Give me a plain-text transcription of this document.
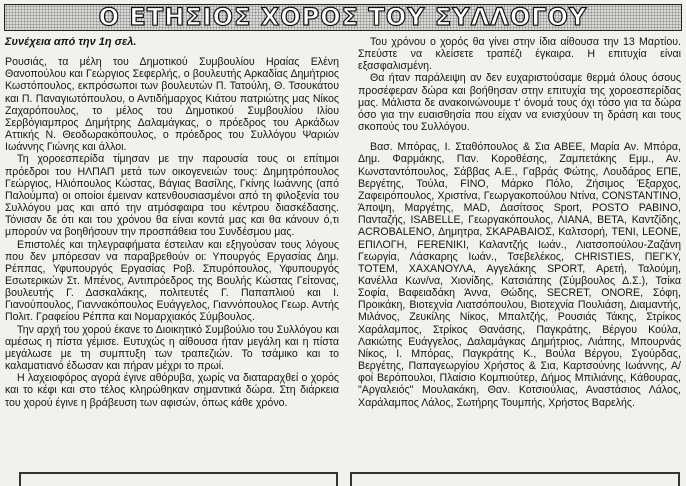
Ο ΕΤΗΣΙΟΣ ΧΟΡΟΣ ΤΟΥ ΣΥΛΛΟΓΟΥ

Συνέχεια από την 1η σελ.

Ρουσιάς, τα μέλη του Δημοτικού Συμβουλίου Ηραίας Ελένη Θανοπούλου και Γεώργιος Σεφερλής, ο βουλευτής Αρκαδίας Δημήτριος Κωστόπουλος, εκπρόσωποι των βουλευτών Π. Τατούλη, Θ. Τσουκάτου και Π. Παναγιωτόπουλου, ο Αντιδήμαρχος Κιάτου πατριώτης μας Νίκος Ζαχαρόπουλος, το μέλος του Δημοτικού Συμβουλίου Ιλίου Σερβόγιαμπρος Δημήτρης Δαλαμάγκας, ο πρόεδρος του Αρκάδων Αττικής Ν. Θεοδωρακόπουλος, ο πρόεδρος του Συλλόγου Ψαριών Ιωάννης Γιώνης και άλλοι.

Τη χοροεσπερίδα τίμησαν με την παρουσία τους οι επίτιμοι πρόεδροι του ΗΛΠΑΠ μετά των οικογενειών τους: Δημητρόπουλος Γεώργιος, Ηλιόπουλος Κώστας, Βάγιας Βασίλης, Γκίνης Ιωάννης (από Παλούμπα) οι οποίοι έμειναν κατενθουσιασμένοι από τη φιλοξενία του Συλλόγου μας και από την ατμόσφαιρα του κέντρου διασκέδασης. Τόνισαν δε ότι και του χρόνου θα είναι κοντά μας και θα κάνουν ό,τι μπορούν να βοηθήσουν την προσπάθεια του Συνδέσμου μας.

Επιστολές και τηλεγραφήματα έστειλαν και εξηγούσαν τους λόγους που δεν μπόρεσαν να παραβρεθούν οι: Υπουργός Εργασίας Δημ. Ρέππας, Υφυπουργός Εργασίας Ροβ. Σπυρόπουλος, Υφυπουργός Εσωτερικών Στ. Μπένος, Αντιπρόεδρος της Βουλής Κώστας Γείτονας, βουλευτής Γ. Δασκαλάκης, πολιτευτές Γ. Παπαπλιού και Ι. Γιανούπουλος, Γιαννακόπουλος Ευάγγελος, Γιαννόπουλος Γεωρ. Αντής Πολιτ. Γραφείου Ρέππα και Νομαρχιακός Σύμβουλος.

Την αρχή του χορού έκανε το Διοικητικό Συμβούλιο του Συλλόγου και αμέσως η πίστα γέμισε. Ευτυχώς η αίθουσα ήταν μεγάλη και η πίστα μεγάλωσε με τη συμπτυξη των τραπεζιών. Το τσάμικο και το καλαματιανό έδωσαν και πήραν μέχρι το πρωί.

Η λαχειοφόρος αγορά έγινε αθόρυβα, χωρίς να διαταραχθεί ο χορός και το κέφι και στο τέλος κληρώθηκαν σημαντικά δώρα. Στη διάρκεια του χορού έγινε η βράβευση των αφισών, όπως κάθε χρόνο.

Του χρόνου ο χορός θα γίνει στην ίδια αίθουσα την 13 Μαρτίου. Σπεύστε να κλείσετε τραπέζι έγκαιρα. Η επιτυχία είναι εξασφαλισμένη.

Θα ήταν παράλειψη αν δεν ευχαριστούσαμε θερμά όλους όσους προσέφεραν δώρα και βοήθησαν στην επιτυχία της χοροεσπερίδας μας. Μάλιστα δε ανακοινώνουμε τ' όνομά τους όχι τόσο για τα δώρα όσο για την ευαισθησία που είχαν να ενισχύουν τη δράση και τους σκοπούς του Συλλόγου.

Βασ. Μπόρας, Ι. Σταθόπουλος & Σια ΑΒΕΕ, Μαρία Αν. Μπόρα, Δημ. Φαρμάκης, Παν. Κοροθέσης, Ζαμπετάκης Εμμ., Αν. Κωνσταντόπουλος, Σάββας Α.Ε., Γαβράς Φώτης, Λουδάρος ΕΠΕ, Βεργέτης, Τούλα, FINO, Μάρκο Πόλο, Ζήσιμος Έξαρχος, Ζαφειρόπουλος, Χριστίνα, Γεωργακοπούλου Ντίνα, CONSTANTINO, Άποψη, Μαργέτης, MAD, Δασίτσος Sport, POSTO PABINO, Πανταζής, ISABELLE, Γεωργακόπουλος, ΛΙΑΝΑ, BETA, Καντζίδης, ACROBALENO, Δημητρα, ΣΚΑΡΑΒΑΙΟΣ, Καλτσορή, TENI, LEONE, ΕΠΙΛΟΓΗ, FERENIKI, Καλαντζής Ιωάν., Λιατσοπούλου-Ζαζάνη Γεωργία, Λάσκαρης Ιωάν., Τσεβελέκος, CHRISTIES, ΠΕΓΚΥ, TOTEM, ΧΑΧΑΝΟΥΛΑ, Αγγελάκης SPORT, Αρετή, Ταλούμη, Κανέλλα Κων/να, Χιονίδης, Κατσιάπης (Σύμβουλος Δ.Σ.), Τσίκα Σοφία, Βαφειαδάκη Άννα, Θώδης, SECRET, ONORE, Σόφη, Προικάκη, Βιοτεχνία Λιατσόπουλου, Βιοτεχνία Πουλιάση, Διαμαντής, Μιλάνος, Ζευκίλης Νίκος, Μπαλτζής, Ρουσιάς Τάκης, Στρίκος Χαράλαμπος, Στρίκος Θανάσης, Παγκράτης, Βέργου Κούλα, Λακιώτης Ευάγγελος, Δαλαμάγκας Δημήτριος, Λιάπης, Μπουρνάς Νίκος, Ι. Μπόρας, Παγκράτης Κ., Βούλα Βέργου, Σγούρδας, Βεργέτης, Παπαγεωργίου Χρήστος & Σια, Καρτσούνης Ιωάννης, Α/φοί Βερόπουλοι, Πλαίσιο Κομπιούτερ, Δήμος Μπιλιάνης, Κάθουρας, "Αργαλειός" Μουλακάκη, Θαν. Κοτσιούλιας, Αναστάσιος Λάλος, Χαράλαμπος Λάλος, Σωτήρης Τουμπής, Χρήστος Βαρελής.
